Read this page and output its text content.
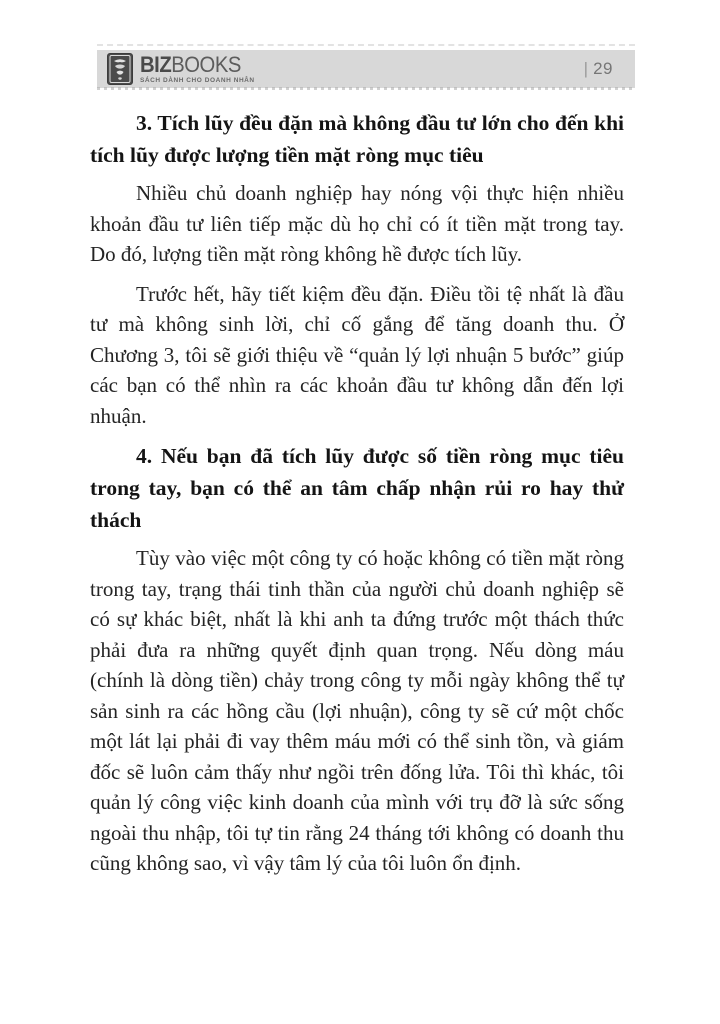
BIZBOOKS
SÁCH DÀNH CHO DOANH NHÂN
| 29
3. Tích lũy đều đặn mà không đầu tư lớn cho đến khi tích lũy được lượng tiền mặt ròng mục tiêu

Nhiều chủ doanh nghiệp hay nóng vội thực hiện nhiều khoản đầu tư liên tiếp mặc dù họ chỉ có ít tiền mặt trong tay. Do đó, lượng tiền mặt ròng không hề được tích lũy.

Trước hết, hãy tiết kiệm đều đặn. Điều tồi tệ nhất là đầu tư mà không sinh lời, chỉ cố gắng để tăng doanh thu. Ở Chương 3, tôi sẽ giới thiệu về “quản lý lợi nhuận 5 bước” giúp các bạn có thể nhìn ra các khoản đầu tư không dẫn đến lợi nhuận.

4. Nếu bạn đã tích lũy được số tiền ròng mục tiêu trong tay, bạn có thể an tâm chấp nhận rủi ro hay thử thách

Tùy vào việc một công ty có hoặc không có tiền mặt ròng trong tay, trạng thái tinh thần của người chủ doanh nghiệp sẽ có sự khác biệt, nhất là khi anh ta đứng trước một thách thức phải đưa ra những quyết định quan trọng. Nếu dòng máu (chính là dòng tiền) chảy trong công ty mỗi ngày không thể tự sản sinh ra các hồng cầu (lợi nhuận), công ty sẽ cứ một chốc một lát lại phải đi vay thêm máu mới có thể sinh tồn, và giám đốc sẽ luôn cảm thấy như ngồi trên đống lửa. Tôi thì khác, tôi quản lý công việc kinh doanh của mình với trụ đỡ là sức sống ngoài thu nhập, tôi tự tin rằng 24 tháng tới không có doanh thu cũng không sao, vì vậy tâm lý của tôi luôn ổn định.
